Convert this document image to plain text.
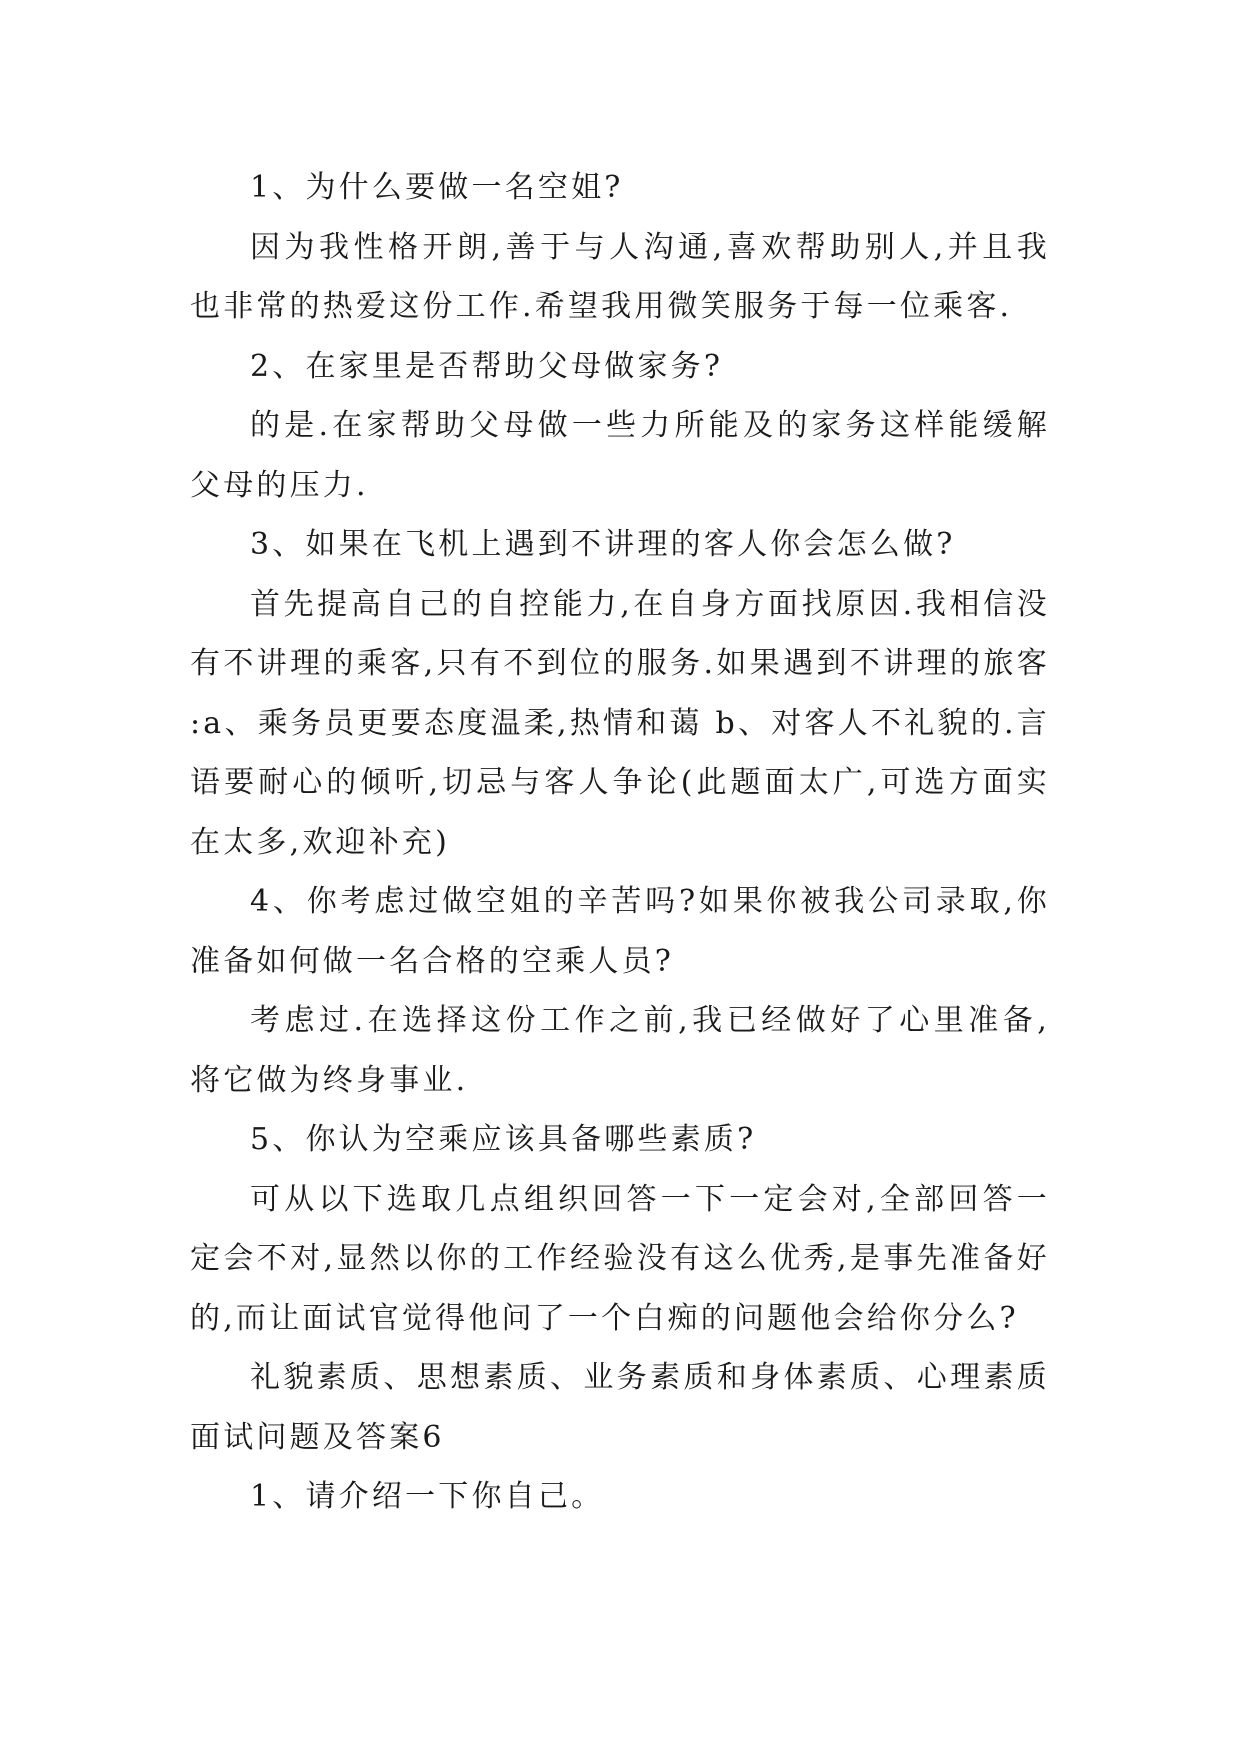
1、为什么要做一名空姐?

因为我性格开朗,善于与人沟通,喜欢帮助别人,并且我也非常的热爱这份工作.希望我用微笑服务于每一位乘客.

2、在家里是否帮助父母做家务?

的是.在家帮助父母做一些力所能及的家务这样能缓解父母的压力.

3、如果在飞机上遇到不讲理的客人你会怎么做?

首先提高自己的自控能力,在自身方面找原因.我相信没有不讲理的乘客,只有不到位的服务.如果遇到不讲理的旅客 :a、乘务员更要态度温柔,热情和蔼 b、对客人不礼貌的.言语要耐心的倾听,切忌与客人争论(此题面太广,可选方面实在太多,欢迎补充)

4、你考虑过做空姐的辛苦吗?如果你被我公司录取,你准备如何做一名合格的空乘人员?

考虑过.在选择这份工作之前,我已经做好了心里准备,将它做为终身事业.

5、你认为空乘应该具备哪些素质?

可从以下选取几点组织回答一下一定会对,全部回答一定会不对,显然以你的工作经验没有这么优秀,是事先准备好的,而让面试官觉得他问了一个白痴的问题他会给你分么?

礼貌素质、思想素质、业务素质和身体素质、心理素质面试问题及答案6

1、请介绍一下你自己。
